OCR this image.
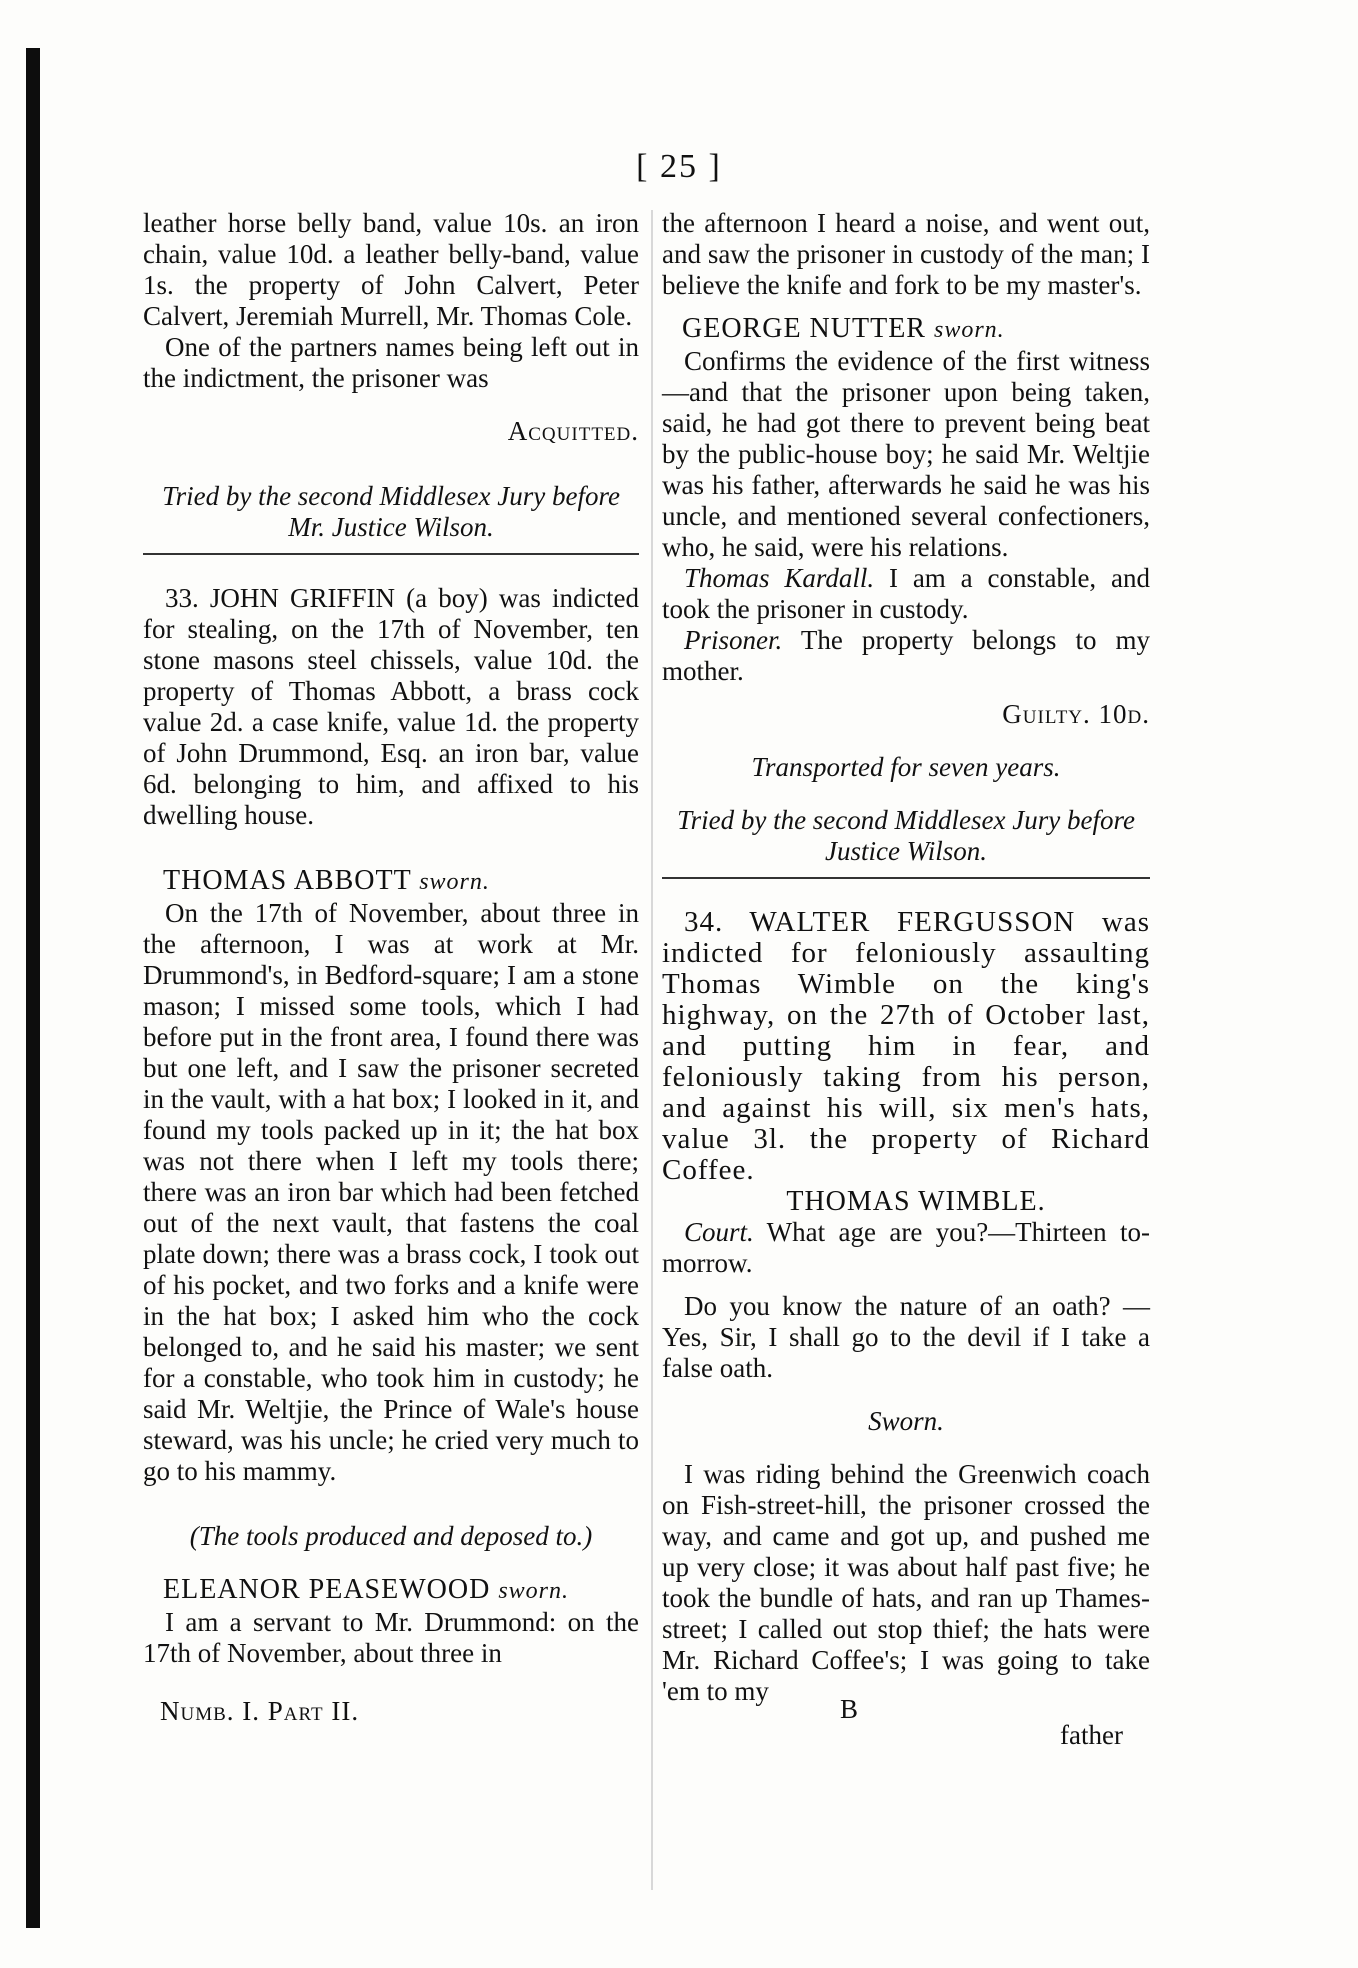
[ 25 ]

leather horse belly band, value 10s. an iron chain, value 10d. a leather belly-band, value 1s. the property of John Calvert, Peter Calvert, Jeremiah Murrell, Mr. Thomas Cole.

One of the partners names being left out in the indictment, the prisoner was

Acquitted.

Tried by the second Middlesex Jury before Mr. Justice Wilson.

33. JOHN GRIFFIN (a boy) was indicted for stealing, on the 17th of November, ten stone masons steel chissels, value 10d. the property of Thomas Abbott, a brass cock value 2d. a case knife, value 1d. the property of John Drummond, Esq. an iron bar, value 6d. belonging to him, and affixed to his dwelling house.

THOMAS ABBOTT sworn.

On the 17th of November, about three in the afternoon, I was at work at Mr. Drummond's, in Bedford-square; I am a stone mason; I missed some tools, which I had before put in the front area, I found there was but one left, and I saw the prisoner secreted in the vault, with a hat box; I looked in it, and found my tools packed up in it; the hat box was not there when I left my tools there; there was an iron bar which had been fetched out of the next vault, that fastens the coal plate down; there was a brass cock, I took out of his pocket, and two forks and a knife were in the hat box; I asked him who the cock belonged to, and he said his master; we sent for a constable, who took him in custody; he said Mr. Weltjie, the Prince of Wale's house steward, was his uncle; he cried very much to go to his mammy.

(The tools produced and deposed to.)

ELEANOR PEASEWOOD sworn.

I am a servant to Mr. Drummond: on the 17th of November, about three in

Numb. I. Part II.	B
father

the afternoon I heard a noise, and went out, and saw the prisoner in custody of the man; I believe the knife and fork to be my master's.

GEORGE NUTTER sworn.

Confirms the evidence of the first witness—and that the prisoner upon being taken, said, he had got there to prevent being beat by the public-house boy; he said Mr. Weltjie was his father, afterwards he said he was his uncle, and mentioned several confectioners, who, he said, were his relations.

Thomas Kardall. I am a constable, and took the prisoner in custody.

Prisoner. The property belongs to my mother.

Guilty. 10d.

Transported for seven years.

Tried by the second Middlesex Jury before Justice Wilson.

34. WALTER FERGUSSON was indicted for feloniously assaulting Thomas Wimble on the king's highway, on the 27th of October last, and putting him in fear, and feloniously taking from his person, and against his will, six men's hats, value 3l. the property of Richard Coffee.

THOMAS WIMBLE.

Court. What age are you?—Thirteen to-morrow.

Do you know the nature of an oath? —Yes, Sir, I shall go to the devil if I take a false oath.

Sworn.

I was riding behind the Greenwich coach on Fish-street-hill, the prisoner crossed the way, and came and got up, and pushed me up very close; it was about half past five; he took the bundle of hats, and ran up Thames-street; I called out stop thief; the hats were Mr. Richard Coffee's; I was going to take 'em to my
